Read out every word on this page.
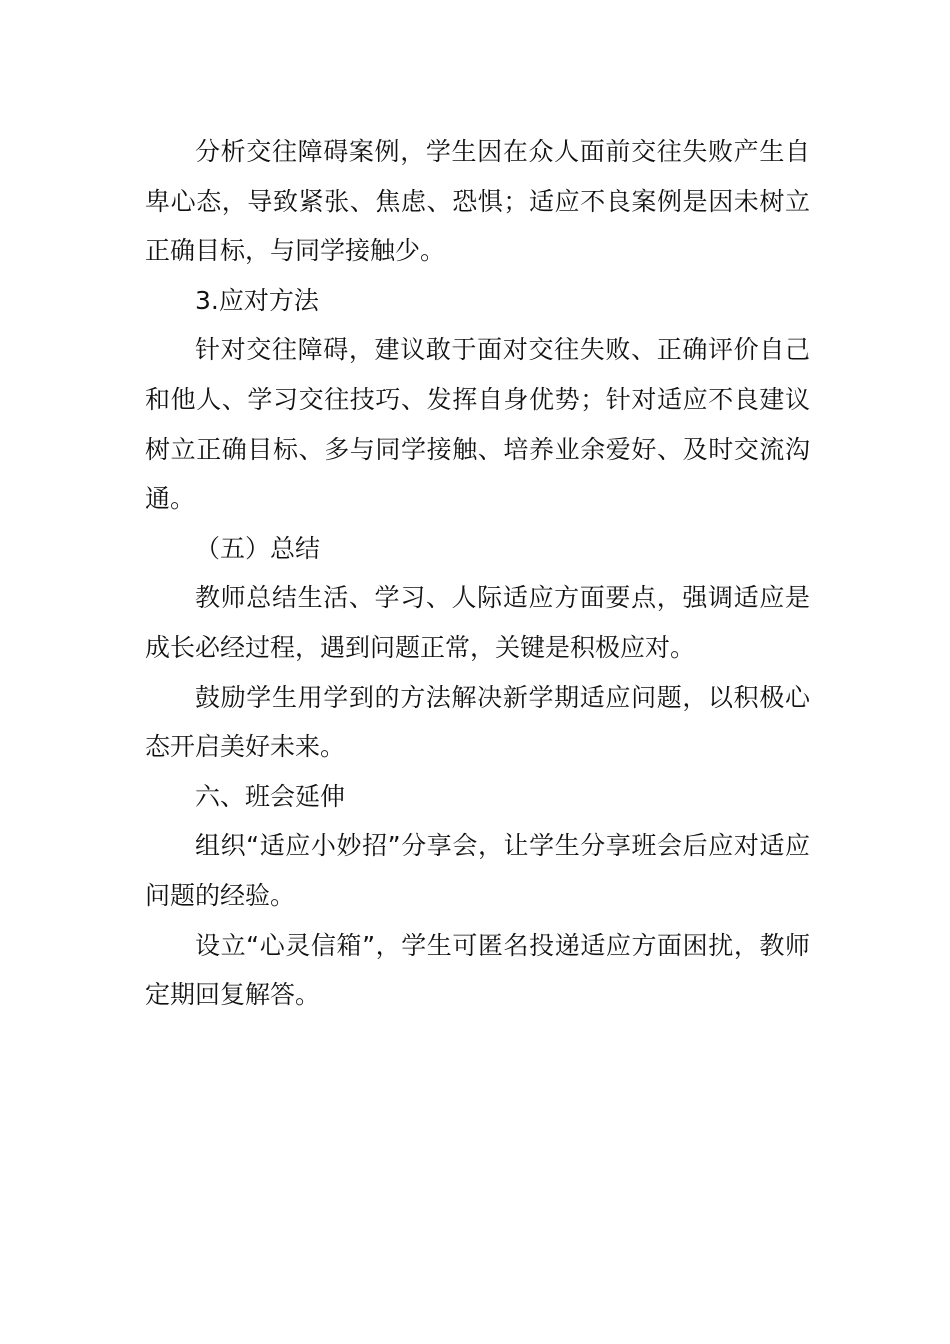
分析交往障碍案例，学生因在众人面前交往失败产生自卑心态，导致紧张、焦虑、恐惧；适应不良案例是因未树立正确目标，与同学接触少。

3.应对方法

针对交往障碍，建议敢于面对交往失败、正确评价自己和他人、学习交往技巧、发挥自身优势；针对适应不良建议树立正确目标、多与同学接触、培养业余爱好、及时交流沟通。

（五）总结

教师总结生活、学习、人际适应方面要点，强调适应是成长必经过程，遇到问题正常，关键是积极应对。

鼓励学生用学到的方法解决新学期适应问题，以积极心态开启美好未来。

六、班会延伸

组织“适应小妙招”分享会，让学生分享班会后应对适应问题的经验。

设立“心灵信箱”，学生可匿名投递适应方面困扰，教师定期回复解答。
